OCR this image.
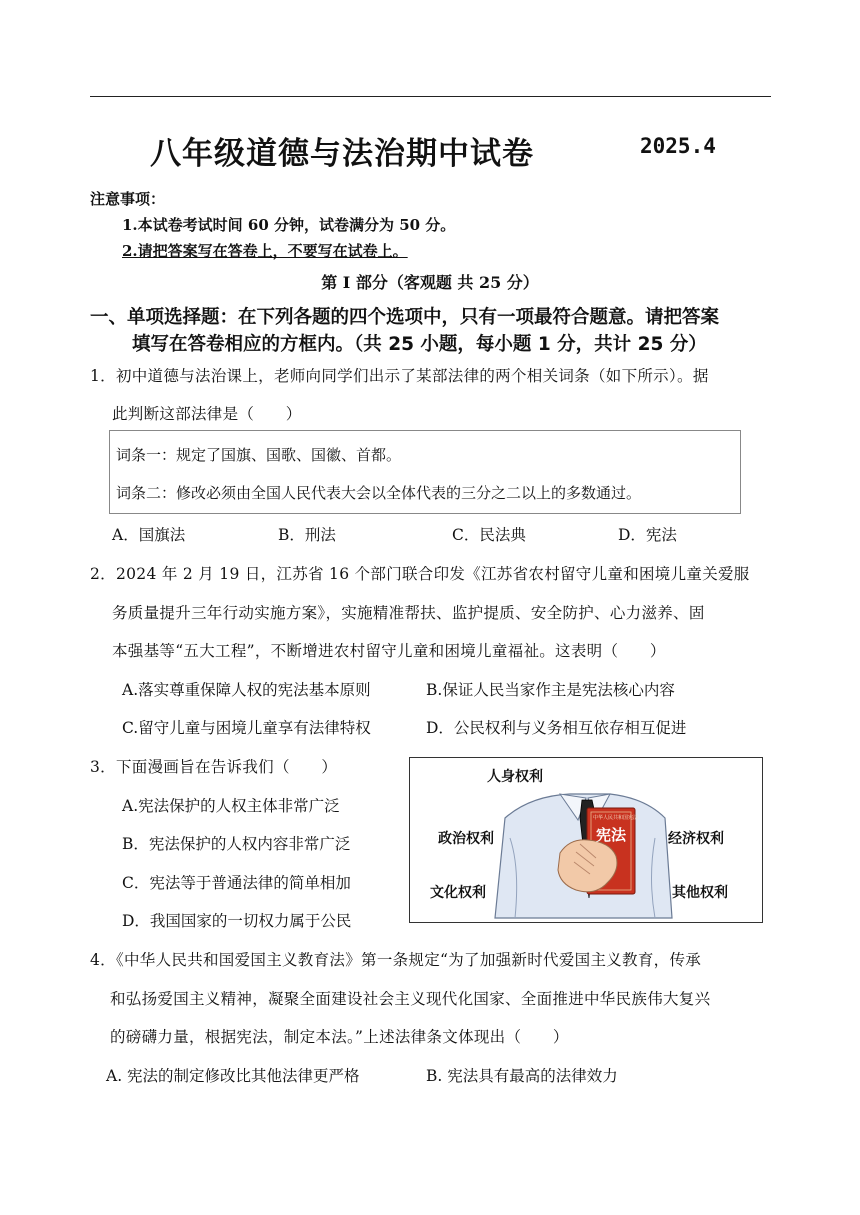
八年级道德与法治期中试卷	2025.4
注意事项：
1.本试卷考试时间 60 分钟，试卷满分为 50 分。
2.请把答案写在答卷上，不要写在试卷上。
第 I 部分（客观题 共 25 分）
一、单项选择题：在下列各题的四个选项中，只有一项最符合题意。请把答案
填写在答卷相应的方框内。（共 25 小题，每小题 1 分，共计 25 分）
1．初中道德与法治课上，老师向同学们出示了某部法律的两个相关词条（如下所示）。据
此判断这部法律是（　　）
词条一：规定了国旗、国歌、国徽、首都。
词条二：修改必须由全国人民代表大会以全体代表的三分之二以上的多数通过。
A．国旗法	B．刑法	C．民法典	D．宪法
2．2024 年 2 月 19 日，江苏省 16 个部门联合印发《江苏省农村留守儿童和困境儿童关爱服
务质量提升三年行动实施方案》，实施精准帮扶、监护提质、安全防护、心力滋养、固
本强基等“五大工程”，不断增进农村留守儿童和困境儿童福祉。这表明（　　）
A.落实尊重保障人权的宪法基本原则	B.保证人民当家作主是宪法核心内容
C.留守儿童与困境儿童享有法律特权	D．公民权利与义务相互依存相互促进
3．下面漫画旨在告诉我们（　　）
A.宪法保护的人权主体非常广泛
B．宪法保护的人权内容非常广泛
C．宪法等于普通法律的简单相加
D．我国国家的一切权力属于公民
人身权利
政治权利	经济权利
文化权利	其他权利
中华人民共和国宪法
宪法
4．《中华人民共和国爱国主义教育法》第一条规定“为了加强新时代爱国主义教育，传承
和弘扬爱国主义精神，凝聚全面建设社会主义现代化国家、全面推进中华民族伟大复兴
的磅礴力量，根据宪法，制定本法。”上述法律条文体现出（　　）
A. 宪法的制定修改比其他法律更严格	B. 宪法具有最高的法律效力
